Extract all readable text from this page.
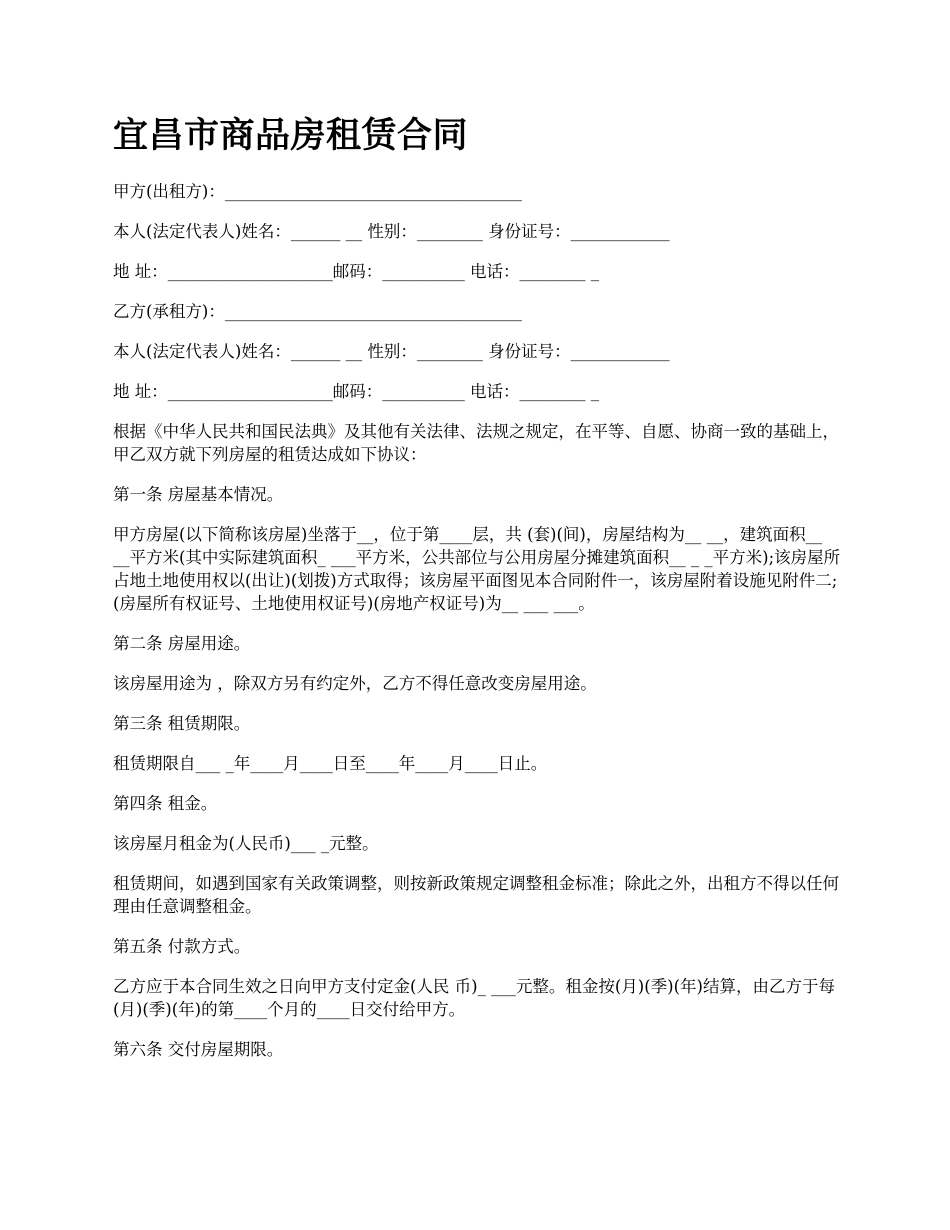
宜昌市商品房租赁合同

甲方(出租方)：____________________________________

本人(法定代表人)姓名：______ __ 性别：________ 身份证号：____________

地 址：____________________邮码：__________ 电话：________ _

乙方(承租方)：____________________________________

本人(法定代表人)姓名：______ __ 性别：________ 身份证号：____________

地 址：____________________邮码：__________ 电话：________ _

根据《中华人民共和国民法典》及其他有关法律、法规之规定，在平等、自愿、协商一致的基础上，甲乙双方就下列房屋的租赁达成如下协议：

第一条 房屋基本情况。

甲方房屋(以下简称该房屋)坐落于__，位于第____层，共 (套)(间)，房屋结构为__ __，建筑面积__ __平方米(其中实际建筑面积_ ___平方米，公共部位与公用房屋分摊建筑面积__ _ _平方米);该房屋所占地土地使用权以(出让)(划拨)方式取得；该房屋平面图见本合同附件一，该房屋附着设施见附件二;(房屋所有权证号、土地使用权证号)(房地产权证号)为__ ___ ___。

第二条 房屋用途。

该房屋用途为 ，除双方另有约定外，乙方不得任意改变房屋用途。

第三条 租赁期限。

租赁期限自___ _年____月____日至____年____月____日止。

第四条 租金。

该房屋月租金为(人民币)___ _元整。

租赁期间，如遇到国家有关政策调整，则按新政策规定调整租金标准；除此之外，出租方不得以任何理由任意调整租金。

第五条 付款方式。

乙方应于本合同生效之日向甲方支付定金(人民 币)_ ___元整。租金按(月)(季)(年)结算，由乙方于每(月)(季)(年)的第____个月的____日交付给甲方。

第六条 交付房屋期限。
